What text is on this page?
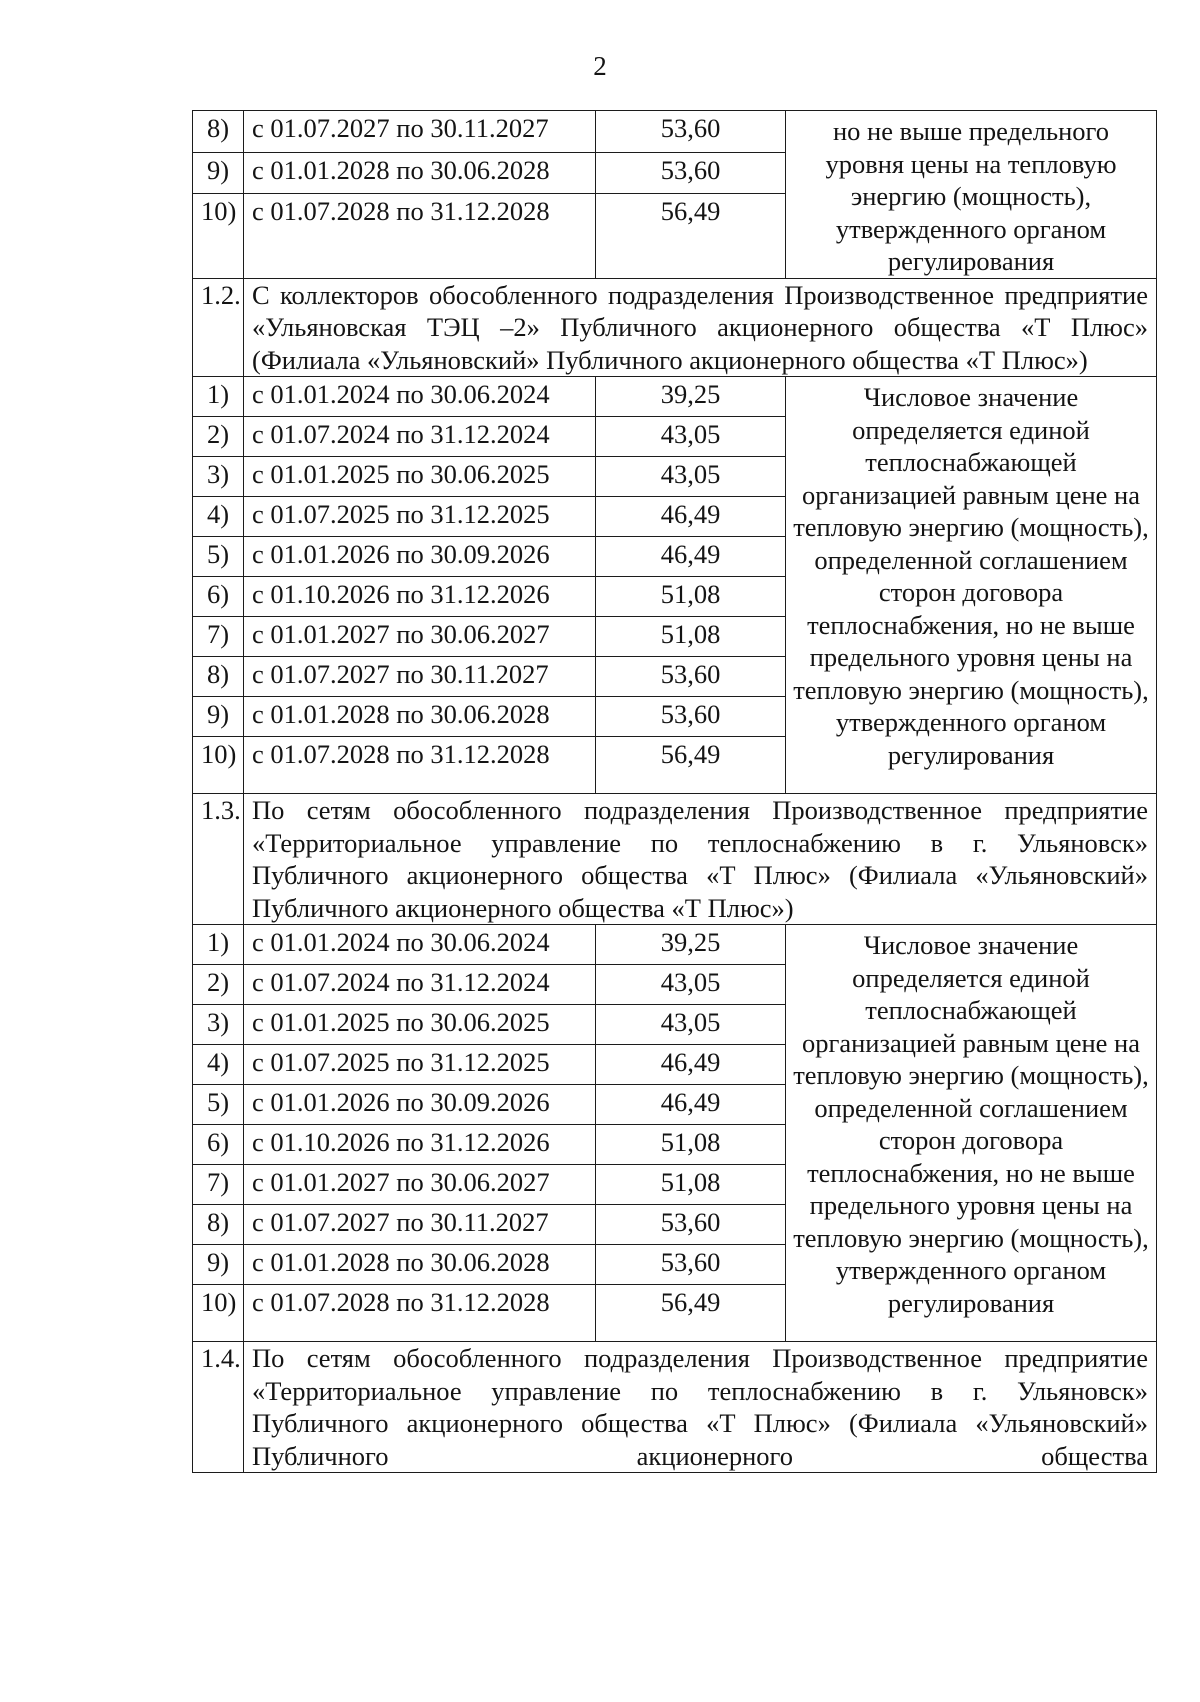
2
8)	с 01.07.2027 по 30.11.2027	53,60	но не выше предельного уровня цены на тепловую энергию (мощность), утвержденного органом регулирования
9)	с 01.01.2028 по 30.06.2028	53,60	
10)	с 01.07.2028 по 31.12.2028	56,49	
1.2.	С коллекторов обособленного подразделения Производственное предприятие «Ульяновская ТЭЦ –2» Публичного акционерного общества «Т Плюс» (Филиала «Ульяновский» Публичного акционерного общества «Т Плюс»)		
1)	с 01.01.2024 по 30.06.2024	39,25	Числовое значение определяется единой теплоснабжающей организацией равным цене на тепловую энергию (мощность), определенной соглашением сторон договора теплоснабжения, но не выше предельного уровня цены на тепловую энергию (мощность), утвержденного органом регулирования
2)	с 01.07.2024 по 31.12.2024	43,05	
3)	с 01.01.2025 по 30.06.2025	43,05	
4)	с 01.07.2025 по 31.12.2025	46,49	
5)	с 01.01.2026 по 30.09.2026	46,49	
6)	с 01.10.2026 по 31.12.2026	51,08	
7)	с 01.01.2027 по 30.06.2027	51,08	
8)	с 01.07.2027 по 30.11.2027	53,60	
9)	с 01.01.2028 по 30.06.2028	53,60	
10)	с 01.07.2028 по 31.12.2028	56,49	
1.3.	По сетям обособленного подразделения Производственное предприятие «Территориальное управление по теплоснабжению в г. Ульяновск» Публичного акционерного общества «Т Плюс» (Филиала «Ульяновский» Публичного акционерного общества «Т Плюс»)		
1)	с 01.01.2024 по 30.06.2024	39,25	Числовое значение определяется единой теплоснабжающей организацией равным цене на тепловую энергию (мощность), определенной соглашением сторон договора теплоснабжения, но не выше предельного уровня цены на тепловую энергию (мощность), утвержденного органом регулирования
2)	с 01.07.2024 по 31.12.2024	43,05	
3)	с 01.01.2025 по 30.06.2025	43,05	
4)	с 01.07.2025 по 31.12.2025	46,49	
5)	с 01.01.2026 по 30.09.2026	46,49	
6)	с 01.10.2026 по 31.12.2026	51,08	
7)	с 01.01.2027 по 30.06.2027	51,08	
8)	с 01.07.2027 по 30.11.2027	53,60	
9)	с 01.01.2028 по 30.06.2028	53,60	
10)	с 01.07.2028 по 31.12.2028	56,49	
1.4.	По сетям обособленного подразделения Производственное предприятие «Территориальное управление по теплоснабжению в г. Ульяновск» Публичного акционерного общества «Т Плюс» (Филиала «Ульяновский» Публичного акционерного общества		
